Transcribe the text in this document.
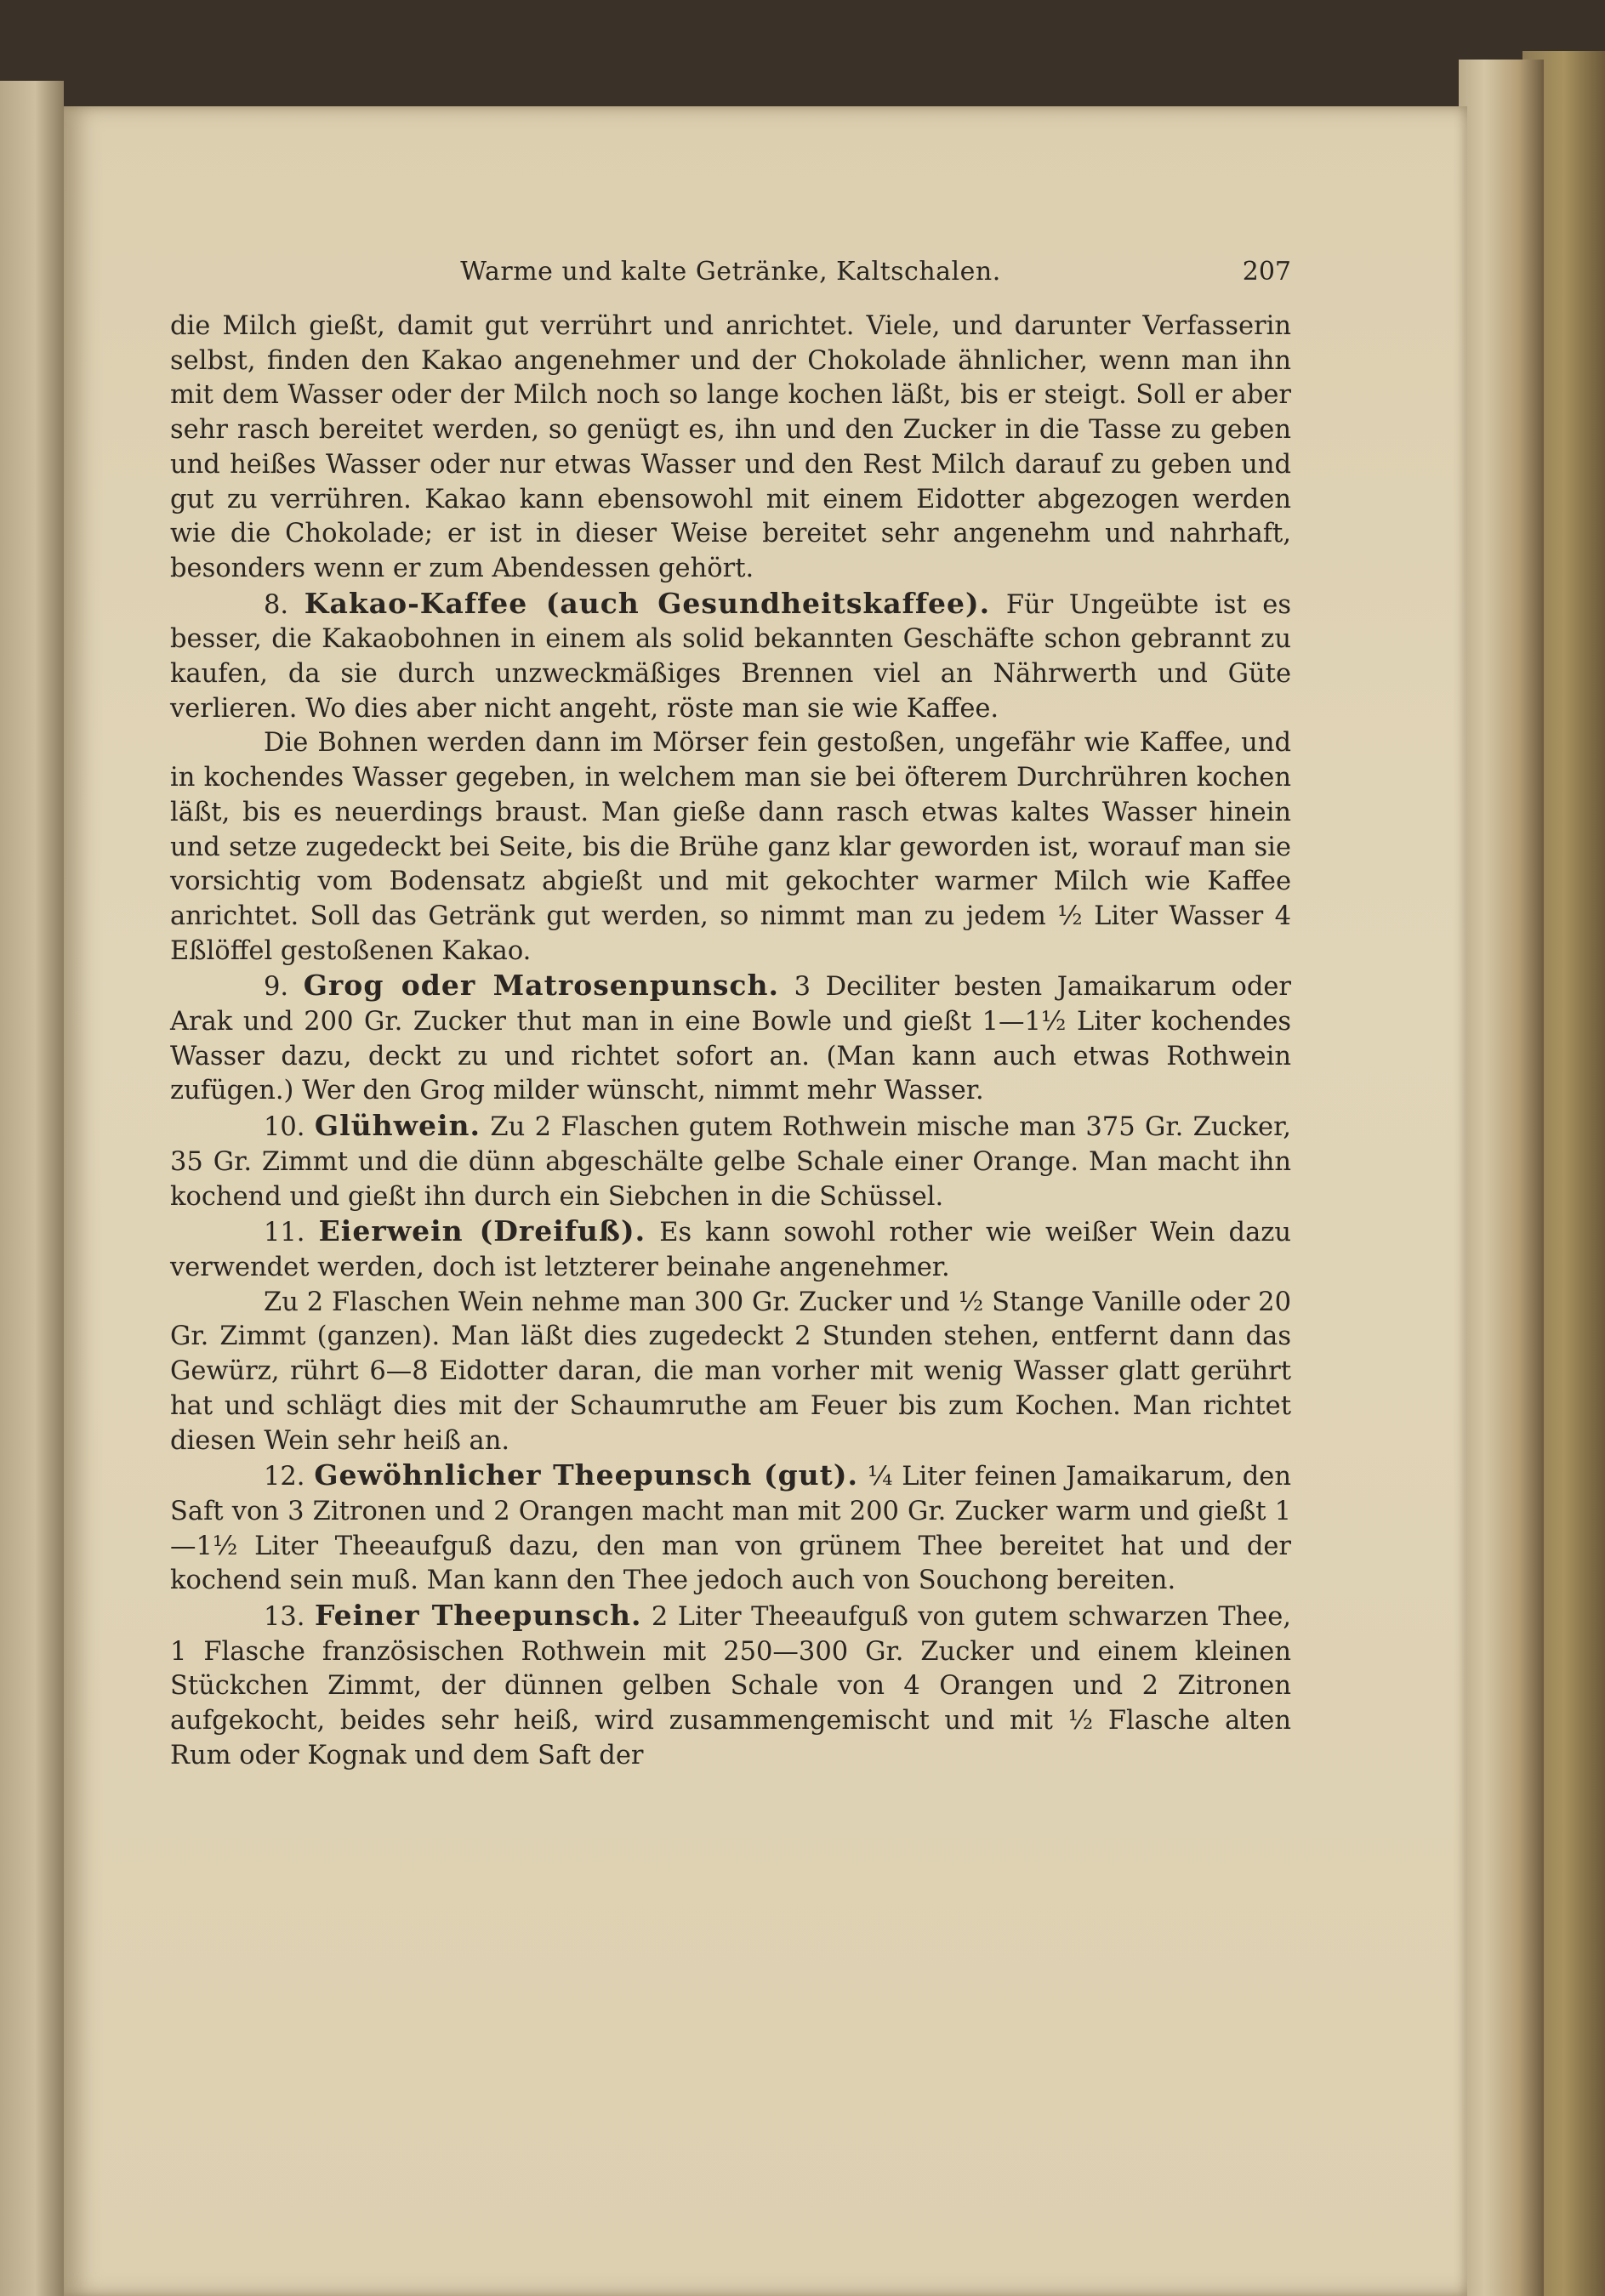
Warme und kalte Getränke, Kaltschalen.	207

die Milch gießt, damit gut verrührt und anrichtet. Viele, und darunter Verfasserin selbst, finden den Kakao angenehmer und der Chokolade ähnlicher, wenn man ihn mit dem Wasser oder der Milch noch so lange kochen läßt, bis er steigt. Soll er aber sehr rasch bereitet werden, so genügt es, ihn und den Zucker in die Tasse zu geben und heißes Wasser oder nur etwas Wasser und den Rest Milch darauf zu geben und gut zu verrühren. Kakao kann ebensowohl mit einem Eidotter abgezogen werden wie die Chokolade; er ist in dieser Weise bereitet sehr angenehm und nahrhaft, besonders wenn er zum Abendessen gehört.

8. Kakao-Kaffee (auch Gesundheitskaffee). Für Ungeübte ist es besser, die Kakaobohnen in einem als solid bekannten Geschäfte schon gebrannt zu kaufen, da sie durch unzweckmäßiges Brennen viel an Nährwerth und Güte verlieren. Wo dies aber nicht angeht, röste man sie wie Kaffee.

Die Bohnen werden dann im Mörser fein gestoßen, ungefähr wie Kaffee, und in kochendes Wasser gegeben, in welchem man sie bei öfterem Durchrühren kochen läßt, bis es neuerdings braust. Man gieße dann rasch etwas kaltes Wasser hinein und setze zugedeckt bei Seite, bis die Brühe ganz klar geworden ist, worauf man sie vorsichtig vom Bodensatz abgießt und mit gekochter warmer Milch wie Kaffee anrichtet. Soll das Getränk gut werden, so nimmt man zu jedem ½ Liter Wasser 4 Eßlöffel gestoßenen Kakao.

9. Grog oder Matrosenpunsch. 3 Deciliter besten Jamaikarum oder Arak und 200 Gr. Zucker thut man in eine Bowle und gießt 1—1½ Liter kochendes Wasser dazu, deckt zu und richtet sofort an. (Man kann auch etwas Rothwein zufügen.) Wer den Grog milder wünscht, nimmt mehr Wasser.

10. Glühwein. Zu 2 Flaschen gutem Rothwein mische man 375 Gr. Zucker, 35 Gr. Zimmt und die dünn abgeschälte gelbe Schale einer Orange. Man macht ihn kochend und gießt ihn durch ein Siebchen in die Schüssel.

11. Eierwein (Dreifuß). Es kann sowohl rother wie weißer Wein dazu verwendet werden, doch ist letzterer beinahe angenehmer.

Zu 2 Flaschen Wein nehme man 300 Gr. Zucker und ½ Stange Vanille oder 20 Gr. Zimmt (ganzen). Man läßt dies zugedeckt 2 Stunden stehen, entfernt dann das Gewürz, rührt 6—8 Eidotter daran, die man vorher mit wenig Wasser glatt gerührt hat und schlägt dies mit der Schaumruthe am Feuer bis zum Kochen. Man richtet diesen Wein sehr heiß an.

12. Gewöhnlicher Theepunsch (gut). ¼ Liter feinen Jamaikarum, den Saft von 3 Zitronen und 2 Orangen macht man mit 200 Gr. Zucker warm und gießt 1—1½ Liter Theeaufguß dazu, den man von grünem Thee bereitet hat und der kochend sein muß. Man kann den Thee jedoch auch von Souchong bereiten.

13. Feiner Theepunsch. 2 Liter Theeaufguß von gutem schwarzen Thee, 1 Flasche französischen Rothwein mit 250—300 Gr. Zucker und einem kleinen Stückchen Zimmt, der dünnen gelben Schale von 4 Orangen und 2 Zitronen aufgekocht, beides sehr heiß, wird zusammengemischt und mit ½ Flasche alten Rum oder Kognak und dem Saft der
